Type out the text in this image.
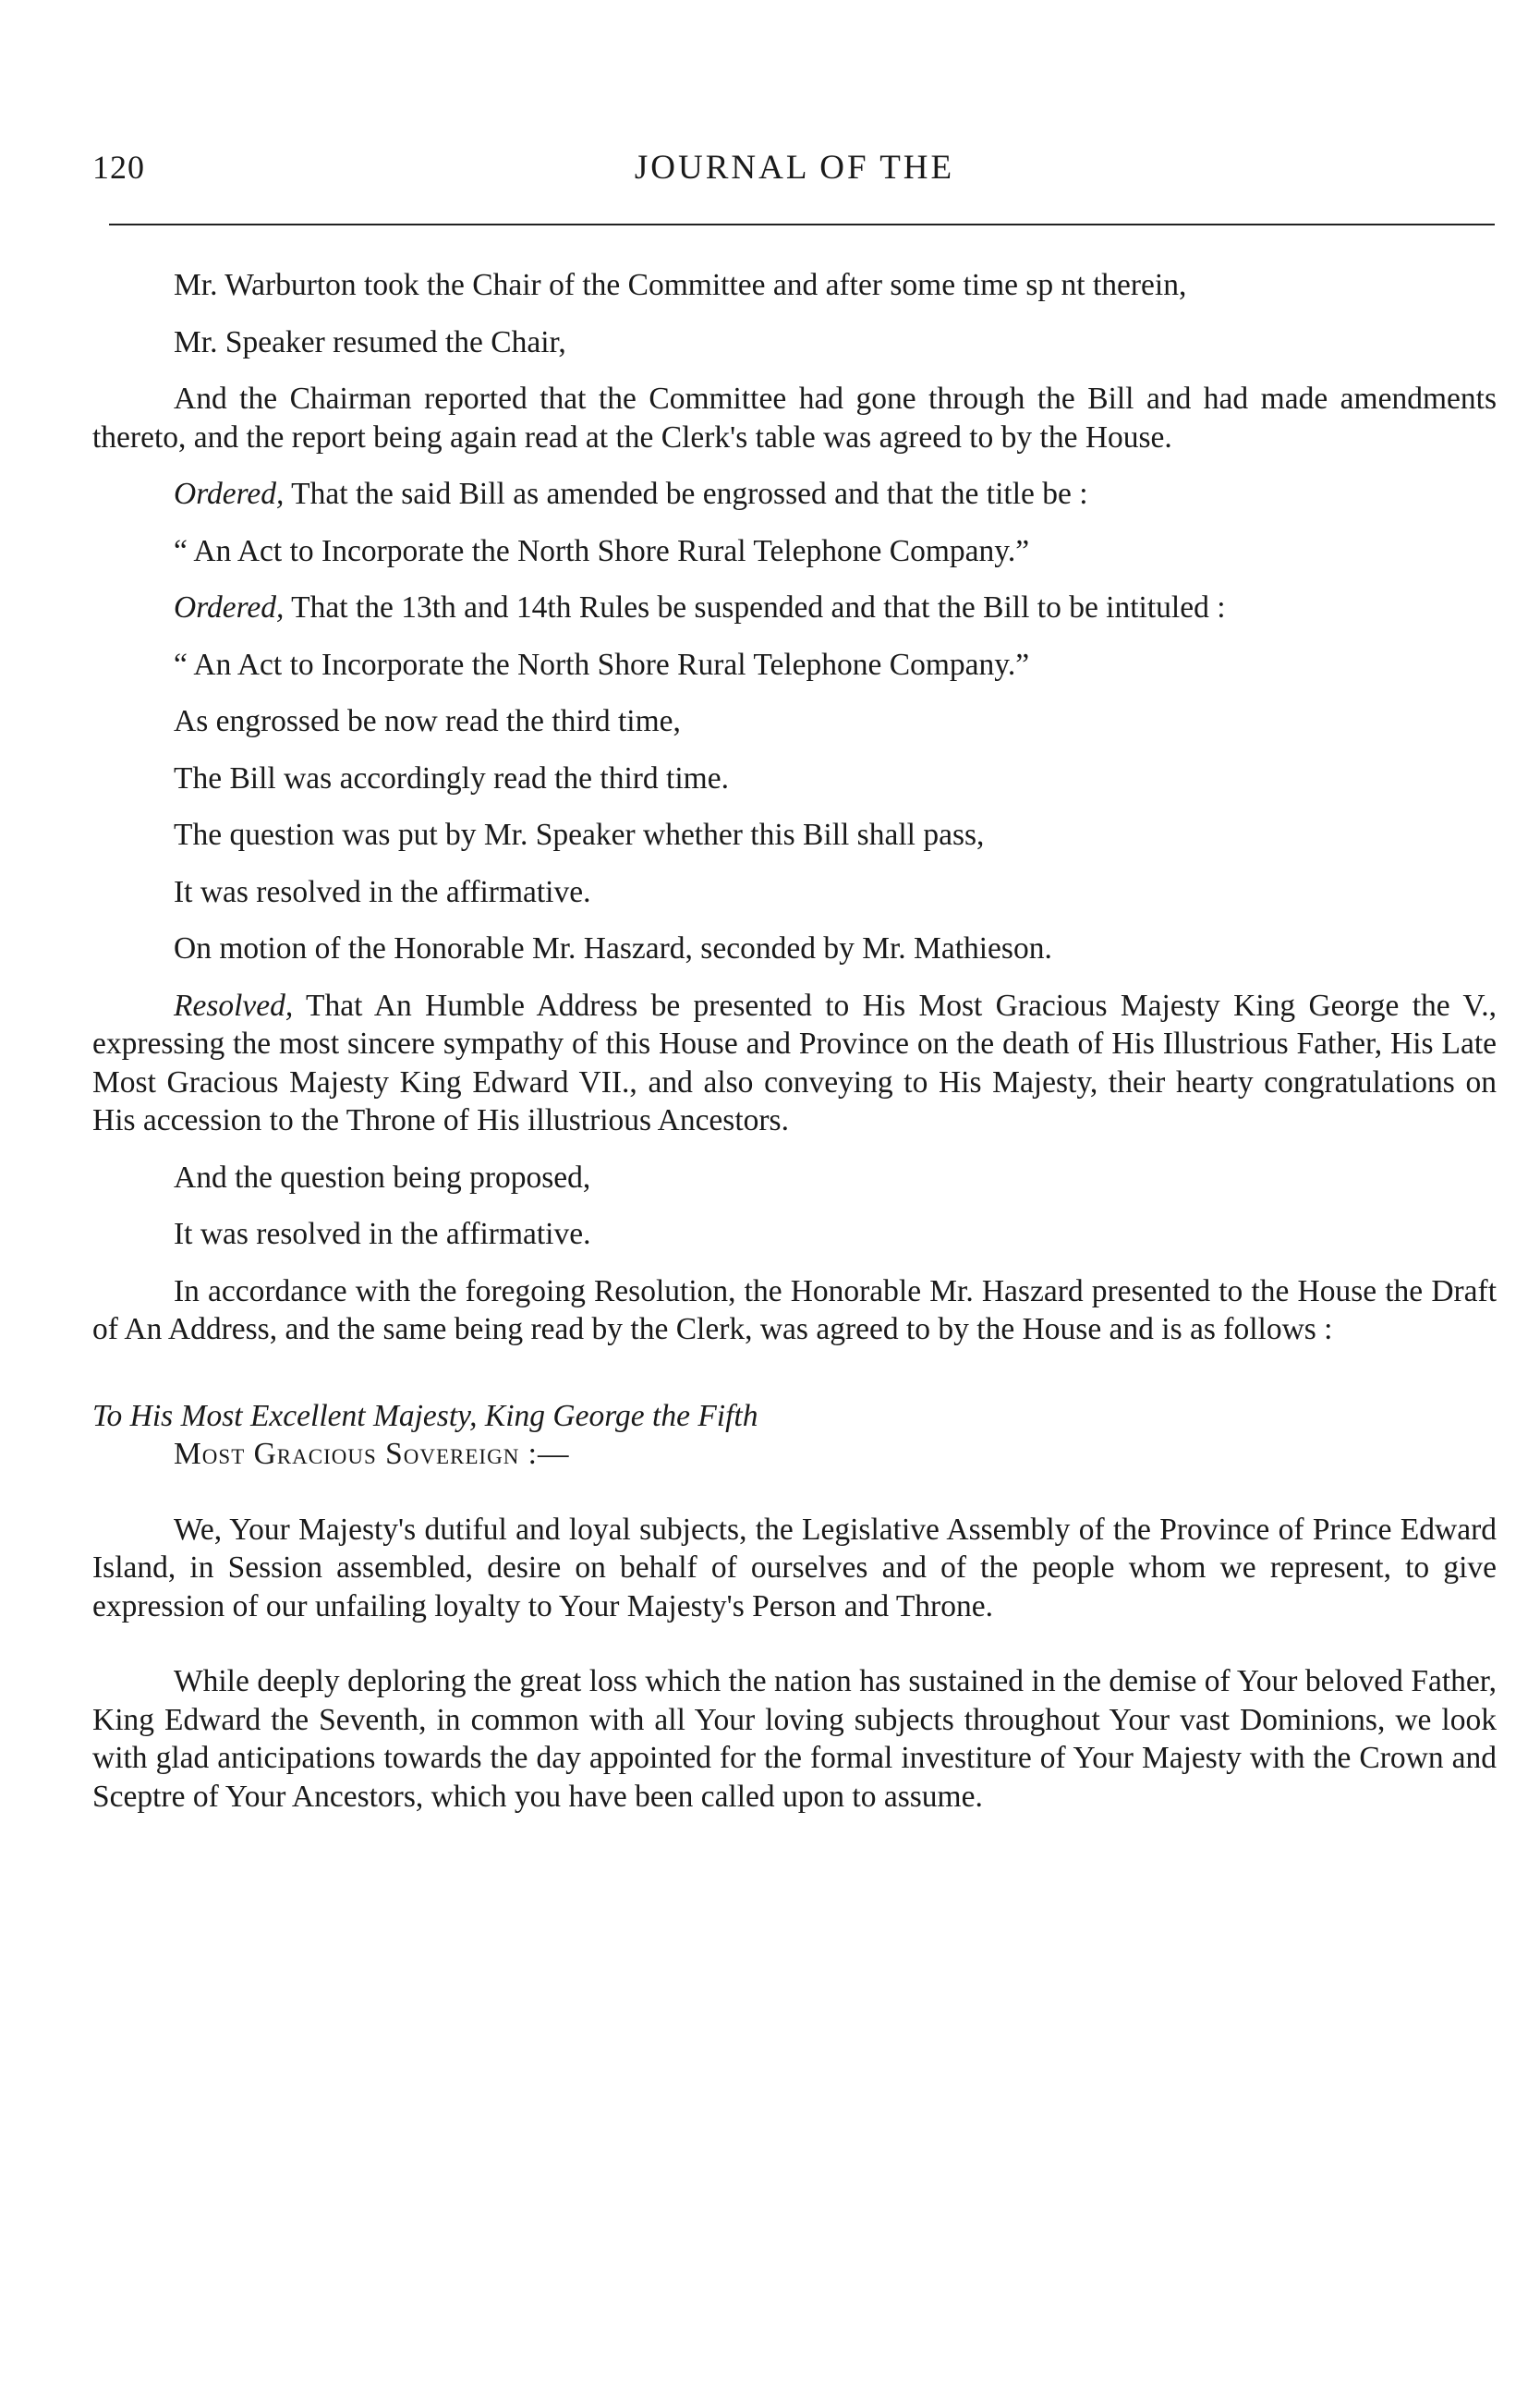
120	JOURNAL OF THE

Mr. Warburton took the Chair of the Committee and after some time sp nt therein,

Mr. Speaker resumed the Chair,

And the Chairman reported that the Committee had gone through the Bill and had made amendments thereto, and the report being again read at the Clerk's table was agreed to by the House.

Ordered, That the said Bill as amended be engrossed and that the title be :

“ An Act to Incorporate the North Shore Rural Telephone Company.”

Ordered, That the 13th and 14th Rules be suspended and that the Bill to be intituled :

“ An Act to Incorporate the North Shore Rural Telephone Company.”

As engrossed be now read the third time,

The Bill was accordingly read the third time.

The question was put by Mr. Speaker whether this Bill shall pass,

It was resolved in the affirmative.

On motion of the Honorable Mr. Haszard, seconded by Mr. Mathieson.

Resolved, That An Humble Address be presented to His Most Gracious Majesty King George the V., expressing the most sincere sympathy of this House and Province on the death of His Illustrious Father, His Late Most Gracious Majesty King Edward VII., and also conveying to His Majesty, their hearty congratulations on His accession to the Throne of His illustrious Ancestors.

And the question being proposed,

It was resolved in the affirmative.

In accordance with the foregoing Resolution, the Honorable Mr. Haszard presented to the House the Draft of An Address, and the same being read by the Clerk, was agreed to by the House and is as follows :

To His Most Excellent Majesty, King George the Fifth

Most Gracious Sovereign :—

We, Your Majesty's dutiful and loyal subjects, the Legislative Assembly of the Province of Prince Edward Island, in Session assembled, desire on behalf of ourselves and of the people whom we represent, to give expression of our unfailing loyalty to Your Majesty's Person and Throne.

While deeply deploring the great loss which the nation has sustained in the demise of Your beloved Father, King Edward the Seventh, in common with all Your loving subjects throughout Your vast Dominions, we look with glad anticipations towards the day appointed for the formal investiture of Your Majesty with the Crown and Sceptre of Your Ancestors, which you have been called upon to assume.
